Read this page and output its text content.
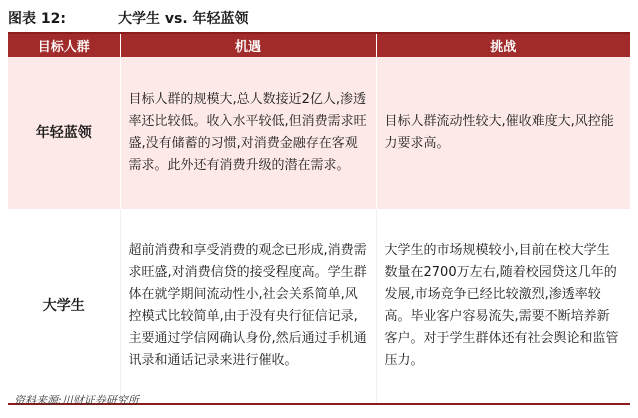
图表 12:	大学生 vs. 年轻蓝领
目标人群	机遇	挑战
年轻蓝领	目标人群的规模大,总人数接近2亿人,渗透率还比较低。收入水平较低,但消费需求旺盛,没有储蓄的习惯,对消费金融存在客观需求。此外还有消费升级的潜在需求。	目标人群流动性较大,催收难度大,风控能力要求高。
大学生	超前消费和享受消费的观念已形成,消费需求旺盛,对消费信贷的接受程度高。学生群体在就学期间流动性小,社会关系简单,风控模式比较简单,由于没有央行征信记录,主要通过学信网确认身份,然后通过手机通讯录和通话记录来进行催收。	大学生的市场规模较小,目前在校大学生数量在2700万左右,随着校园贷这几年的发展,市场竞争已经比较激烈,渗透率较高。毕业客户容易流失,需要不断培养新客户。对于学生群体还有社会舆论和监管压力。
资料来源:川财证券研究所
